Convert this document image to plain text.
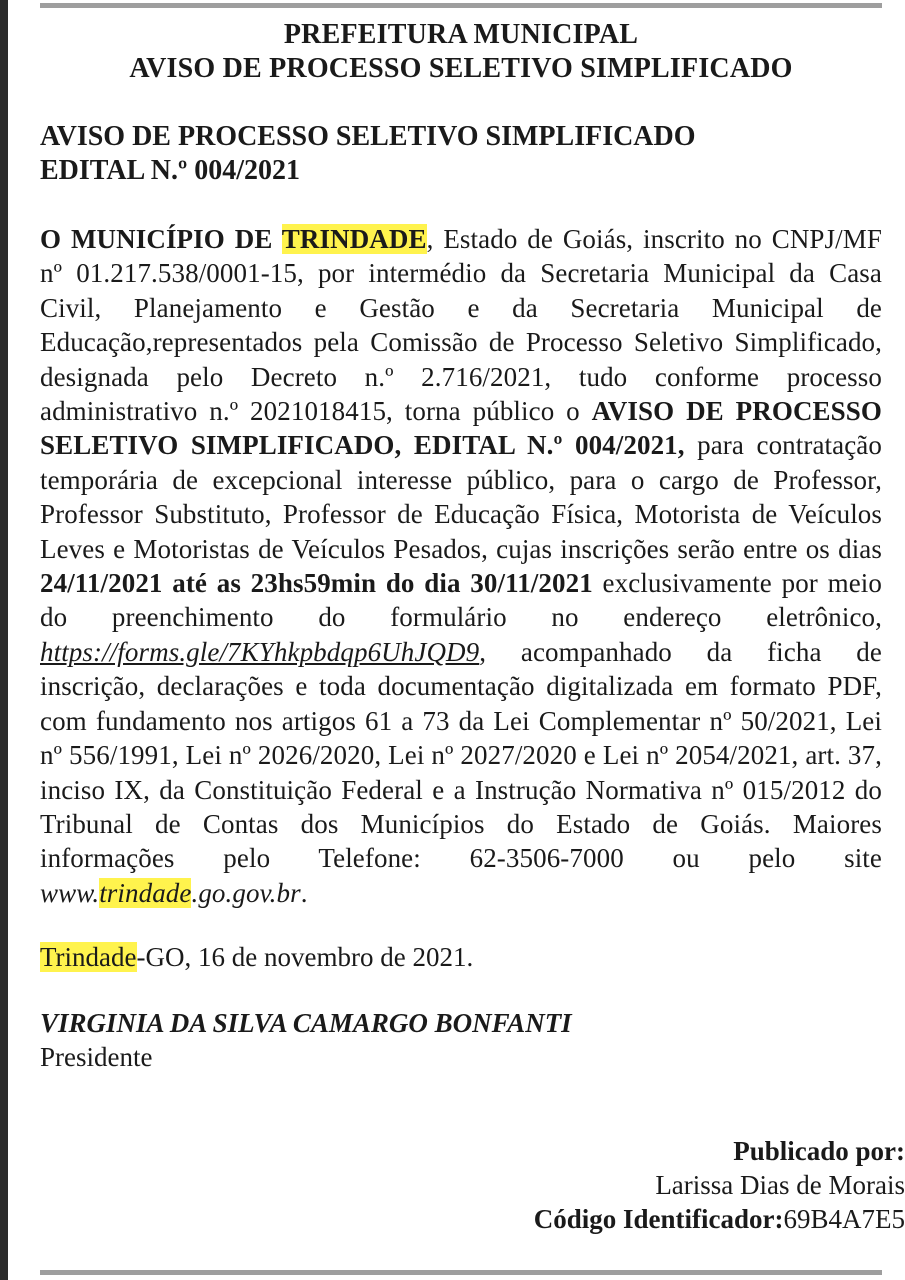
PREFEITURA MUNICIPAL
AVISO DE PROCESSO SELETIVO SIMPLIFICADO
AVISO DE PROCESSO SELETIVO SIMPLIFICADO
EDITAL N.º 004/2021
O MUNICÍPIO DE TRINDADE, Estado de Goiás, inscrito no CNPJ/MF nº 01.217.538/0001-15, por intermédio da Secretaria Municipal da Casa Civil, Planejamento e Gestão e da Secretaria Municipal de Educação,representados pela Comissão de Processo Seletivo Simplificado, designada pelo Decreto n.º 2.716/2021, tudo conforme processo administrativo n.º 2021018415, torna público o AVISO DE PROCESSO SELETIVO SIMPLIFICADO, EDITAL N.º 004/2021, para contratação temporária de excepcional interesse público, para o cargo de Professor, Professor Substituto, Professor de Educação Física, Motorista de Veículos Leves e Motoristas de Veículos Pesados, cujas inscrições serão entre os dias 24/11/2021 até as 23hs59min do dia 30/11/2021 exclusivamente por meio do preenchimento do formulário no endereço eletrônico, https://forms.gle/7KYhkpbdqp6UhJQD9, acompanhado da ficha de inscrição, declarações e toda documentação digitalizada em formato PDF, com fundamento nos artigos 61 a 73 da Lei Complementar nº 50/2021, Lei nº 556/1991, Lei nº 2026/2020, Lei nº 2027/2020 e Lei nº 2054/2021, art. 37, inciso IX, da Constituição Federal e a Instrução Normativa nº 015/2012 do Tribunal de Contas dos Municípios do Estado de Goiás. Maiores informações pelo Telefone: 62-3506-7000 ou pelo site www.trindade.go.gov.br.
Trindade-GO, 16 de novembro de 2021.
VIRGINIA DA SILVA CAMARGO BONFANTI
Presidente
Publicado por:
Larissa Dias de Morais
Código Identificador:69B4A7E5
